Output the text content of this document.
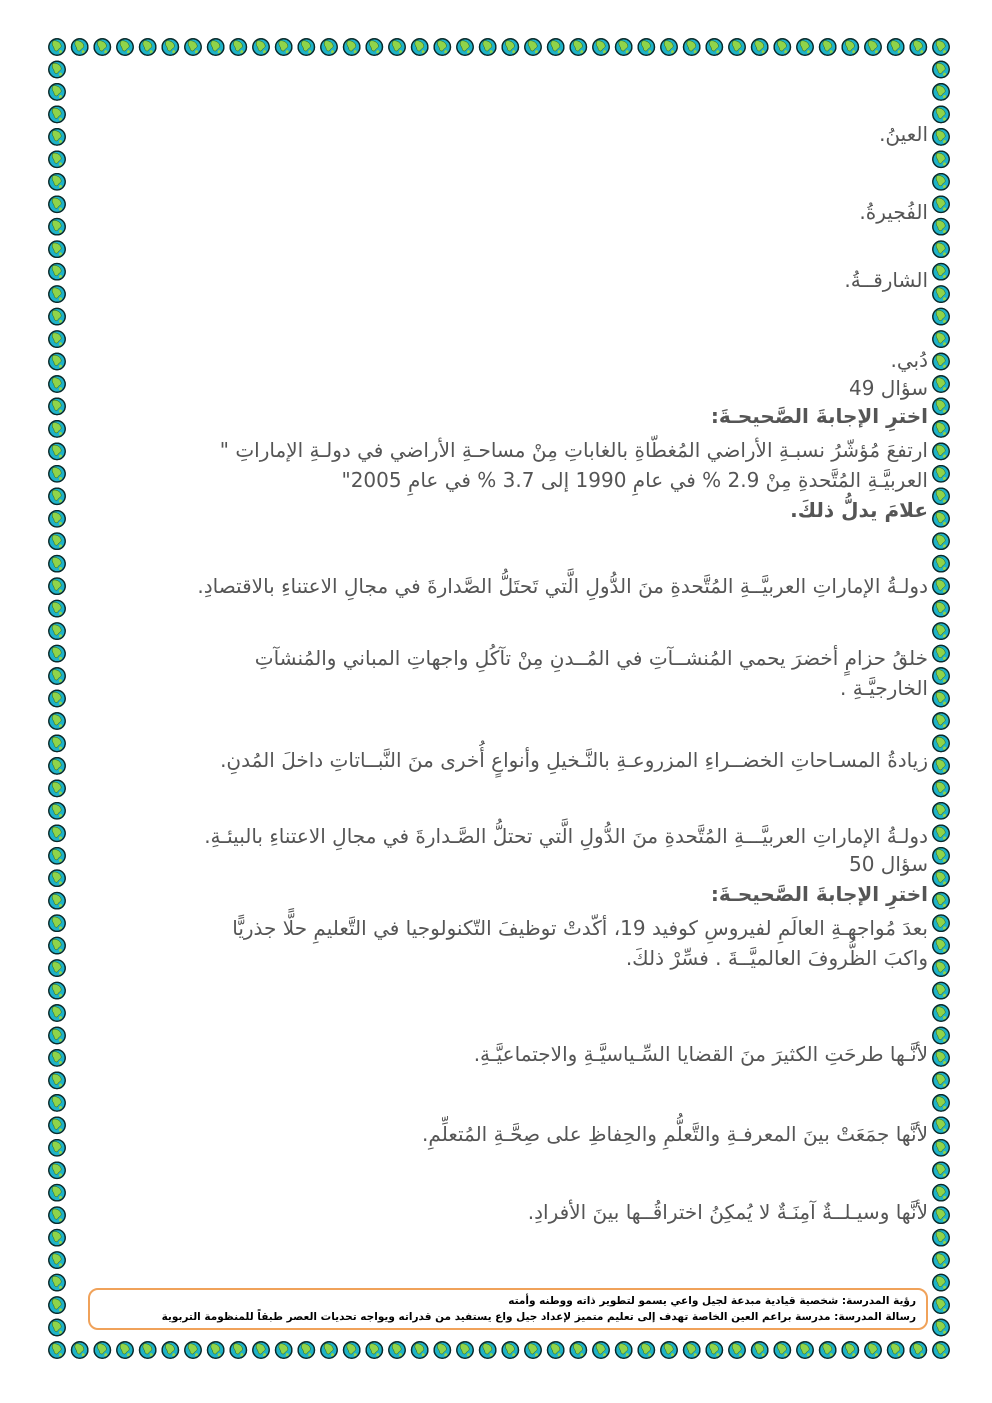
العينُ.
الفُجيرةُ.
الشارقــةُ.
دُبي.
سؤال 49
اخترِ الإجابةَ الصَّحيحـةَ:
ارتفعَ مُؤشّرُ نسبـةِ الأراضي المُغطّاةِ بالغاباتِ مِنْ مساحـةِ الأراضي في دولـةِ الإماراتِ "
العربيَّـةِ المُتَّحدةِ مِنْ 2.9 % في عامِ 1990 إلى 3.7 % في عامِ 2005"
علامَ يدلُّ ذلكَ.
دولـةُ الإماراتِ العربيَّــةِ المُتَّحدةِ منَ الدُّولِ الَّتي تَحتَلُّ الصَّدارةَ في مجالِ الاعتناءِ بالاقتصادِ.
خلقُ حزامٍ أخضرَ يحمي المُنشــآتِ في المُــدنِ مِنْ تآكُلِ واجهاتِ المباني والمُنشآتِ
الخارجيَّـةِ .
زيادةُ المسـاحاتِ الخضــراءِ المزروعـةِ بالنَّـخيلِ وأنواعٍ أُخرى منَ النَّبــاتاتِ داخلَ المُدنِ.
دولـةُ الإماراتِ العربيَّـــةِ المُتَّحدةِ منَ الدُّولِ الَّتي تحتلُّ الصَّـدارةَ في مجالِ الاعتناءِ بالبيئـةِ.
سؤال 50
اخترِ الإجابةَ الصَّحيحـةَ:
بعدَ مُواجهـةِ العالَمِ لفيروسِ كوفيد 19، أكّدتْ توظيفَ التّكنولوجيا في التَّعليمِ حلًّا جذريًّا
واكبَ الظُّروفَ العالميَّــةَ . فسِّرْ ذلكَ.
لأنَّـها طرحَتِ الكثيرَ منَ القضايا السِّـياسيَّـةِ والاجتماعيَّـةِ.
لأنَّها جمَعَتْ بينَ المعرفـةِ والتَّعلُّمِ والحِفاظِ على صِحَّـةِ المُتعلِّمِ.
لأنَّها وسيـلــةٌ آمِنَـةٌ لا يُمكِنُ اختراقُــها بينَ الأفرادِ.
رؤية المدرسة: شخصية قيادية مبدعة لجيل واعي يسمو لتطوير ذاته ووطنه وأمته
رسالة المدرسة: مدرسة براعم العين الخاصة تهدف إلى تعليم متميز لإعداد جيل واع يستفيد من قدراته ويواجه تحديات العصر طبقاً للمنظومة التربوية
